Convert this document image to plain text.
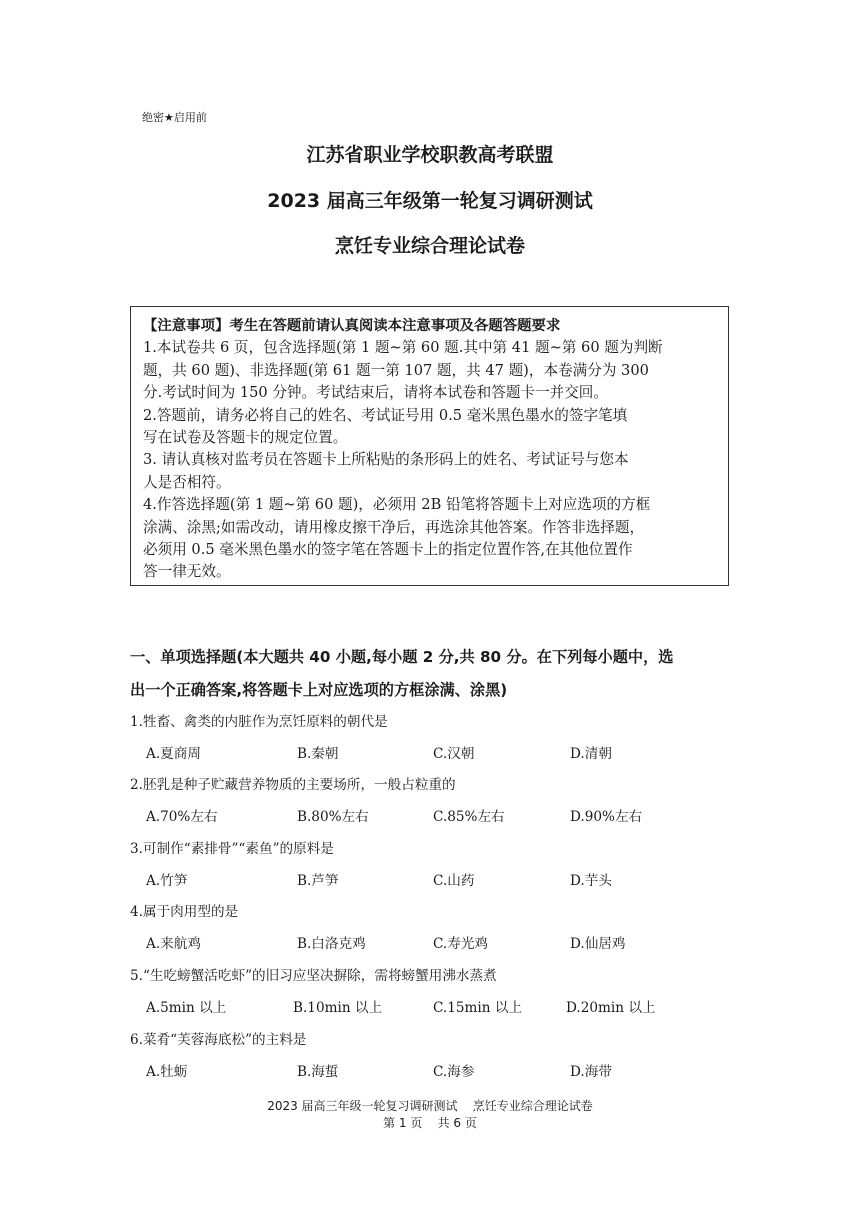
绝密★启用前
江苏省职业学校职教高考联盟
2023 届高三年级第一轮复习调研测试
烹饪专业综合理论试卷

【注意事项】考生在答题前请认真阅读本注意事项及各题答题要求

1.本试卷共 6 页，包含选择题(第 1 题~第 60 题.其中第 41 题~第 60 题为判断

题，共 60 题)、非选择题(第 61 题一第 107 题，共 47 题)，本卷满分为 300

分.考试时间为 150 分钟。考试结束后，请将本试卷和答题卡一并交回。

2.答题前，请务必将自己的姓名、考试证号用 0.5 毫米黑色墨水的签字笔填

写在试卷及答题卡的规定位置。

3. 请认真核对监考员在答题卡上所粘贴的条形码上的姓名、考试证号与您本

人是否相符。

4.作答选择题(第 1 题~第 60 题)，必须用 2B 铅笔将答题卡上对应选项的方框

涂满、涂黑;如需改动，请用橡皮擦干净后，再选涂其他答案。作答非选择题，

必须用 0.5 毫米黑色墨水的签字笔在答题卡上的指定位置作答,在其他位置作

答一律无效。

一、单项选择题(本大题共 40 小题,每小题 2 分,共 80 分。在下列每小题中，选
出一个正确答案,将答题卡上对应选项的方框涂满、涂黑)
1.牲畜、禽类的内脏作为烹饪原料的朝代是
A.夏商周	B.秦朝	C.汉朝	D.清朝
2.胚乳是种子贮藏营养物质的主要场所，一般占粒重的
A.70%左右	B.80%左右	C.85%左右	D.90%左右
3.可制作“素排骨”“素鱼”的原料是
A.竹笋	B.芦笋	C.山药	D.芋头
4.属于肉用型的是
A.来航鸡	B.白洛克鸡	C.寿光鸡	D.仙居鸡
5.“生吃螃蟹活吃虾”的旧习应坚决摒除，需将螃蟹用沸水蒸煮
A.5min 以上	B.10min 以上	C.15min 以上	D.20min 以上
6.菜肴“芙蓉海底松”的主料是
A.牡蛎	B.海蜇	C.海参	D.海带
2023 届高三年级一轮复习调研测试    烹饪专业综合理论试卷
第 1 页    共 6 页
